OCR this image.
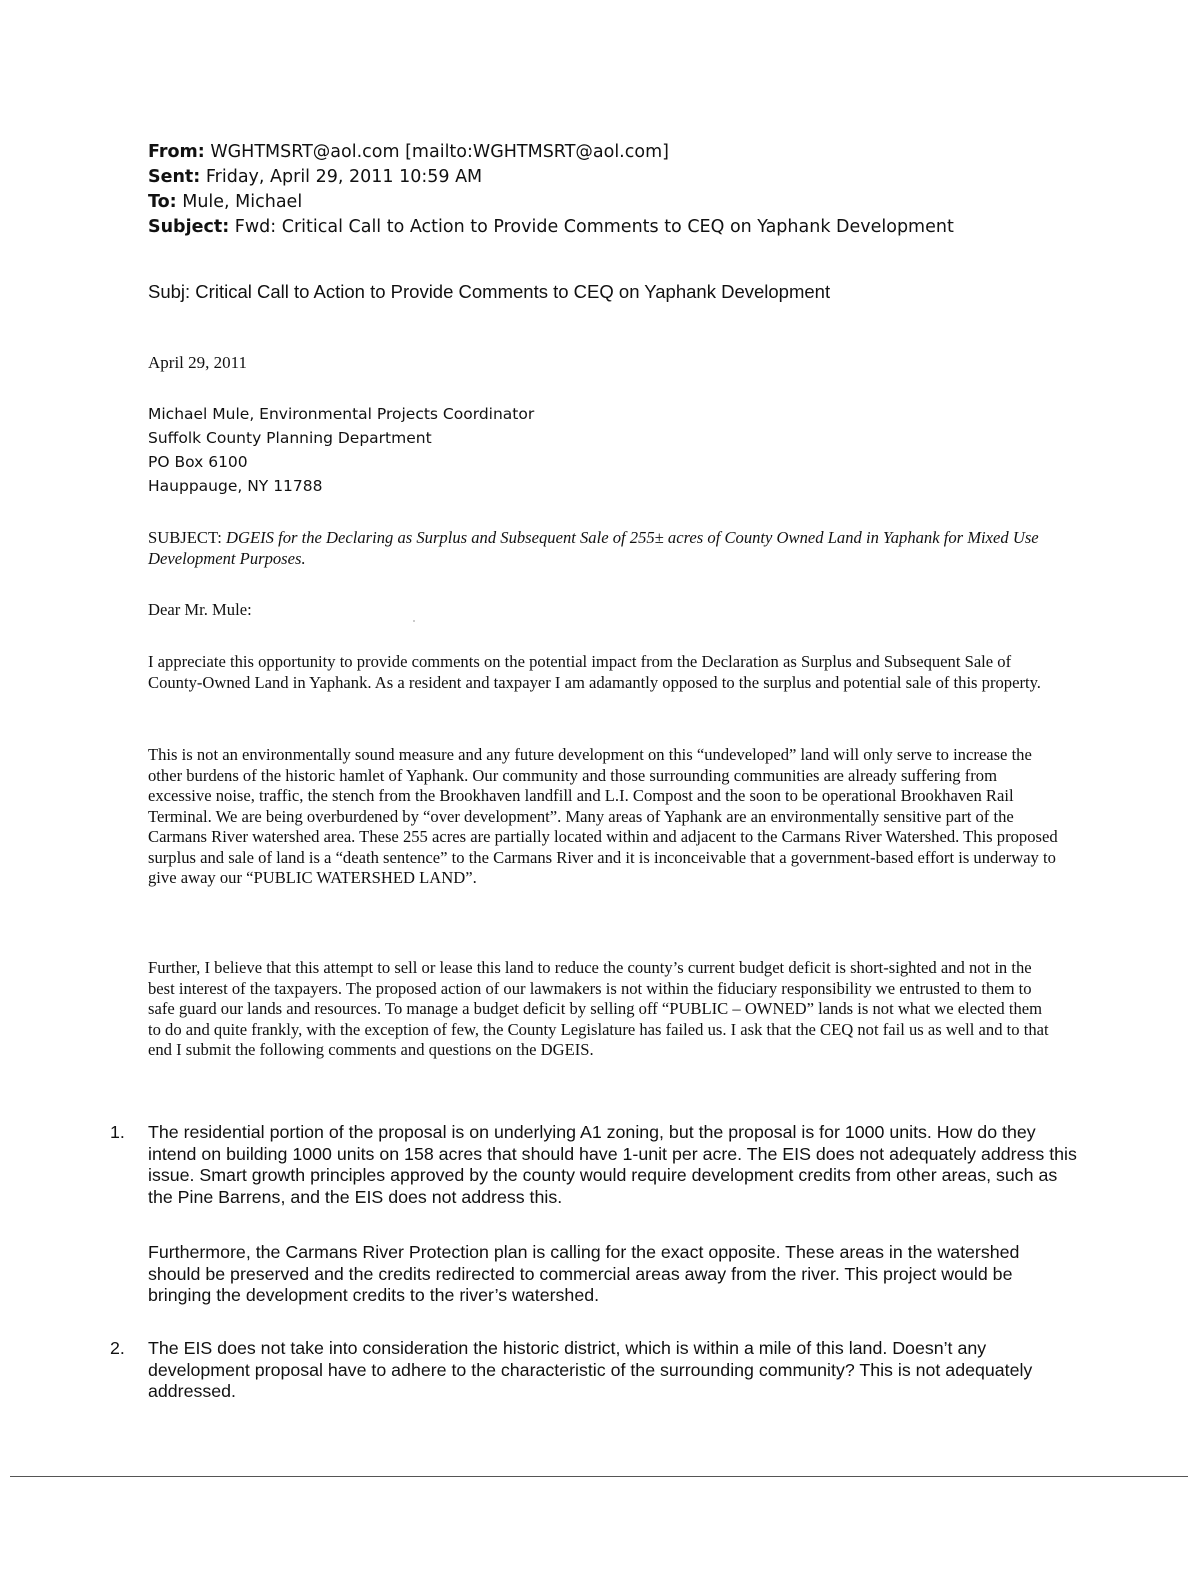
From: WGHTMSRT@aol.com [mailto:WGHTMSRT@aol.com]
Sent: Friday, April 29, 2011 10:59 AM
To: Mule, Michael
Subject: Fwd: Critical Call to Action to Provide Comments to CEQ on Yaphank Development
Subj: Critical Call to Action to Provide Comments to CEQ on Yaphank Development
April 29, 2011
Michael Mule, Environmental Projects Coordinator
Suffolk County Planning Department
PO Box 6100
Hauppauge, NY 11788
SUBJECT: DGEIS for the Declaring as Surplus and Subsequent Sale of 255± acres of County Owned Land in Yaphank for Mixed Use Development Purposes.
Dear Mr. Mule:
I appreciate this opportunity to provide comments on the potential impact from the Declaration as Surplus and Subsequent Sale of County-Owned Land in Yaphank. As a resident and taxpayer I am adamantly opposed to the surplus and potential sale of this property.
This is not an environmentally sound measure and any future development on this “undeveloped” land will only serve to increase the other burdens of the historic hamlet of Yaphank. Our community and those surrounding communities are already suffering from excessive noise, traffic, the stench from the Brookhaven landfill and L.I. Compost and the soon to be operational Brookhaven Rail Terminal. We are being overburdened by “over development”. Many areas of Yaphank are an environmentally sensitive part of the Carmans River watershed area. These 255 acres are partially located within and adjacent to the Carmans River Watershed. This proposed surplus and sale of land is a “death sentence” to the Carmans River and it is inconceivable that a government-based effort is underway to give away our “PUBLIC WATERSHED LAND”.
Further, I believe that this attempt to sell or lease this land to reduce the county’s current budget deficit is short-sighted and not in the best interest of the taxpayers. The proposed action of our lawmakers is not within the fiduciary responsibility we entrusted to them to safe guard our lands and resources. To manage a budget deficit by selling off “PUBLIC – OWNED” lands is not what we elected them to do and quite frankly, with the exception of few, the County Legislature has failed us. I ask that the CEQ not fail us as well and to that end I submit the following comments and questions on the DGEIS.
1.	The residential portion of the proposal is on underlying A1 zoning, but the proposal is for 1000 units. How do they intend on building 1000 units on 158 acres that should have 1-unit per acre. The EIS does not adequately address this issue. Smart growth principles approved by the county would require development credits from other areas, such as the Pine Barrens, and the EIS does not address this.
Furthermore, the Carmans River Protection plan is calling for the exact opposite. These areas in the watershed should be preserved and the credits redirected to commercial areas away from the river. This project would be bringing the development credits to the river’s watershed.
2.	The EIS does not take into consideration the historic district, which is within a mile of this land. Doesn’t any development proposal have to adhere to the characteristic of the surrounding community? This is not adequately addressed.
